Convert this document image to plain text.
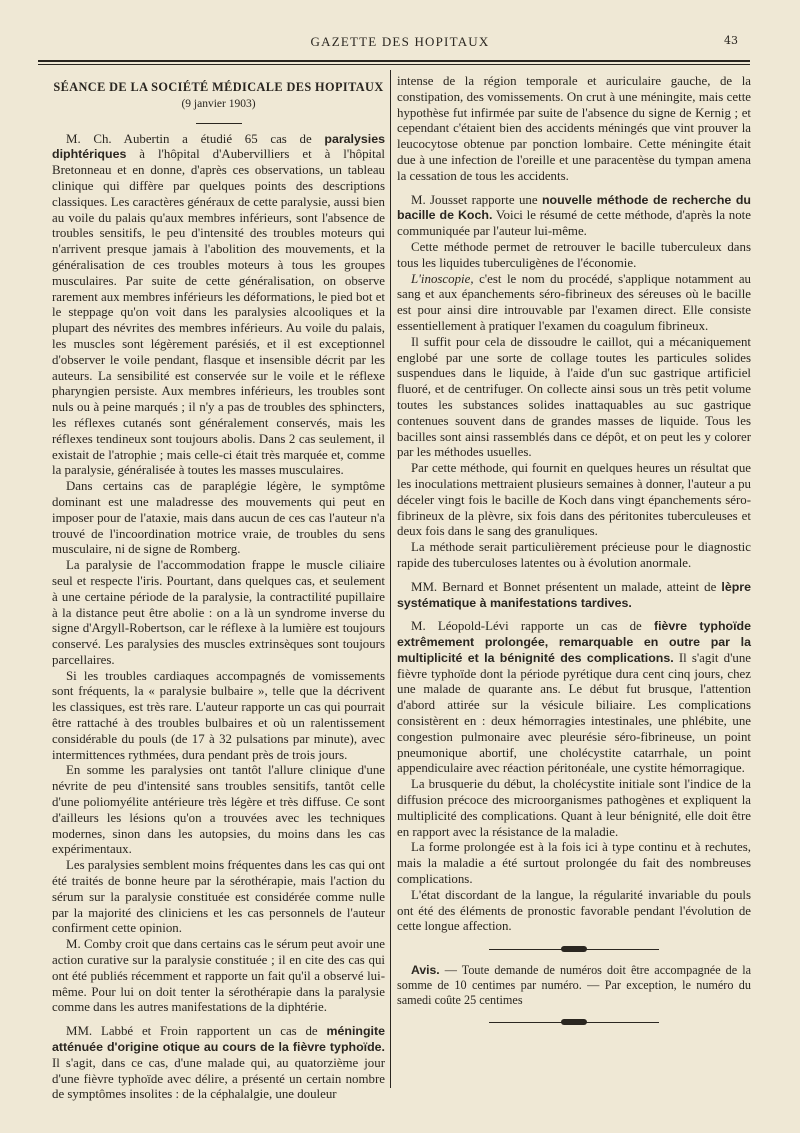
GAZETTE DES HOPITAUX	43
SÉANCE DE LA SOCIÉTÉ MÉDICALE DES HOPITAUX
(9 janvier 1903)

M. Ch. Aubertin a étudié 65 cas de paralysies diphtériques à l'hôpital d'Aubervilliers et à l'hôpital Bretonneau et en donne, d'après ces observations, un tableau clinique qui diffère par quelques points des descriptions classiques. Les caractères généraux de cette paralysie, aussi bien au voile du palais qu'aux membres inférieurs, sont l'absence de troubles sensitifs, le peu d'intensité des troubles moteurs qui n'arrivent presque jamais à l'abolition des mouvements, et la généralisation de ces troubles moteurs à tous les groupes musculaires. Par suite de cette généralisation, on observe rarement aux membres inférieurs les déformations, le pied bot et le steppage qu'on voit dans les paralysies alcooliques et la plupart des névrites des membres inférieurs. Au voile du palais, les muscles sont légèrement parésiés, et il est exceptionnel d'observer le voile pendant, flasque et insensible décrit par les auteurs. La sensibilité est conservée sur le voile et le réflexe pharyngien persiste. Aux membres inférieurs, les troubles sont nuls ou à peine marqués ; il n'y a pas de troubles des sphincters, les réflexes cutanés sont généralement conservés, mais les réflexes tendineux sont toujours abolis. Dans 2 cas seulement, il existait de l'atrophie ; mais celle-ci était très marquée et, comme la paralysie, généralisée à toutes les masses musculaires.

Dans certains cas de paraplégie légère, le symptôme dominant est une maladresse des mouvements qui peut en imposer pour de l'ataxie, mais dans aucun de ces cas l'auteur n'a trouvé de l'incoordination motrice vraie, de troubles du sens musculaire, ni de signe de Romberg.

La paralysie de l'accommodation frappe le muscle ciliaire seul et respecte l'iris. Pourtant, dans quelques cas, et seulement à une certaine période de la paralysie, la contractilité pupillaire à la distance peut être abolie : on a là un syndrome inverse du signe d'Argyll-Robertson, car le réflexe à la lumière est toujours conservé. Les paralysies des muscles extrinsèques sont toujours parcellaires.

Si les troubles cardiaques accompagnés de vomissements sont fréquents, la « paralysie bulbaire », telle que la décrivent les classiques, est très rare. L'auteur rapporte un cas qui pourrait être rattaché à des troubles bulbaires et où un ralentissement considérable du pouls (de 17 à 32 pulsations par minute), avec intermittences rythmées, dura pendant près de trois jours.

En somme les paralysies ont tantôt l'allure clinique d'une névrite de peu d'intensité sans troubles sensitifs, tantôt celle d'une poliomyélite antérieure très légère et très diffuse. Ce sont d'ailleurs les lésions qu'on a trouvées avec les techniques modernes, sinon dans les autopsies, du moins dans les cas expérimentaux.

Les paralysies semblent moins fréquentes dans les cas qui ont été traités de bonne heure par la sérothérapie, mais l'action du sérum sur la paralysie constituée est considérée comme nulle par la majorité des cliniciens et les cas personnels de l'auteur confirment cette opinion.

M. Comby croit que dans certains cas le sérum peut avoir une action curative sur la paralysie constituée ; il en cite des cas qui ont été publiés récemment et rapporte un fait qu'il a observé lui-même. Pour lui on doit tenter la sérothérapie dans la paralysie comme dans les autres manifestations de la diphtérie.

MM. Labbé et Froin rapportent un cas de méningite atténuée d'origine otique au cours de la fièvre typhoïde. Il s'agit, dans ce cas, d'une malade qui, au quatorzième jour d'une fièvre typhoïde avec délire, a présenté un certain nombre de symptômes insolites : de la céphalalgie, une douleur

intense de la région temporale et auriculaire gauche, de la constipation, des vomissements. On crut à une méningite, mais cette hypothèse fut infirmée par suite de l'absence du signe de Kernig ; et cependant c'étaient bien des accidents méningés que vint prouver la leucocytose obtenue par ponction lombaire. Cette méningite était due à une infection de l'oreille et une paracentèse du tympan amena la cessation de tous les accidents.

M. Jousset rapporte une nouvelle méthode de recherche du bacille de Koch. Voici le résumé de cette méthode, d'après la note communiquée par l'auteur lui-même.

Cette méthode permet de retrouver le bacille tuberculeux dans tous les liquides tuberculigènes de l'économie.

L'inoscopie, c'est le nom du procédé, s'applique notamment au sang et aux épanchements séro-fibrineux des séreuses où le bacille est pour ainsi dire introuvable par l'examen direct. Elle consiste essentiellement à pratiquer l'examen du coagulum fibrineux.

Il suffit pour cela de dissoudre le caillot, qui a mécaniquement englobé par une sorte de collage toutes les particules solides suspendues dans le liquide, à l'aide d'un suc gastrique artificiel fluoré, et de centrifuger. On collecte ainsi sous un très petit volume toutes les substances solides inattaquables au suc gastrique contenues souvent dans de grandes masses de liquide. Tous les bacilles sont ainsi rassemblés dans ce dépôt, et on peut les y colorer par les méthodes usuelles.

Par cette méthode, qui fournit en quelques heures un résultat que les inoculations mettraient plusieurs semaines à donner, l'auteur a pu déceler vingt fois le bacille de Koch dans vingt épanchements séro-fibrineux de la plèvre, six fois dans des péritonites tuberculeuses et deux fois dans le sang des granuliques.

La méthode serait particulièrement précieuse pour le diagnostic rapide des tuberculoses latentes ou à évolution anormale.

MM. Bernard et Bonnet présentent un malade, atteint de lèpre systématique à manifestations tardives.

M. Léopold-Lévi rapporte un cas de fièvre typhoïde extrêmement prolongée, remarquable en outre par la multiplicité et la bénignité des complications. Il s'agit d'une fièvre typhoïde dont la période pyrétique dura cent cinq jours, chez une malade de quarante ans. Le début fut brusque, l'attention d'abord attirée sur la vésicule biliaire. Les complications consistèrent en : deux hémorragies intestinales, une phlébite, une congestion pulmonaire avec pleurésie séro-fibrineuse, un point pneumonique abortif, une cholécystite catarrhale, un point appendiculaire avec réaction péritonéale, une cystite hémorragique.

La brusquerie du début, la cholécystite initiale sont l'indice de la diffusion précoce des microorganismes pathogènes et expliquent la multiplicité des complications. Quant à leur bénignité, elle doit être en rapport avec la résistance de la maladie.

La forme prolongée est à la fois ici à type continu et à rechutes, mais la maladie a été surtout prolongée du fait des nombreuses complications.

L'état discordant de la langue, la régularité invariable du pouls ont été des éléments de pronostic favorable pendant l'évolution de cette longue affection.

Avis. — Toute demande de numéros doit être accompagnée de la somme de 10 centimes par numéro. — Par exception, le numéro du samedi coûte 25 centimes
